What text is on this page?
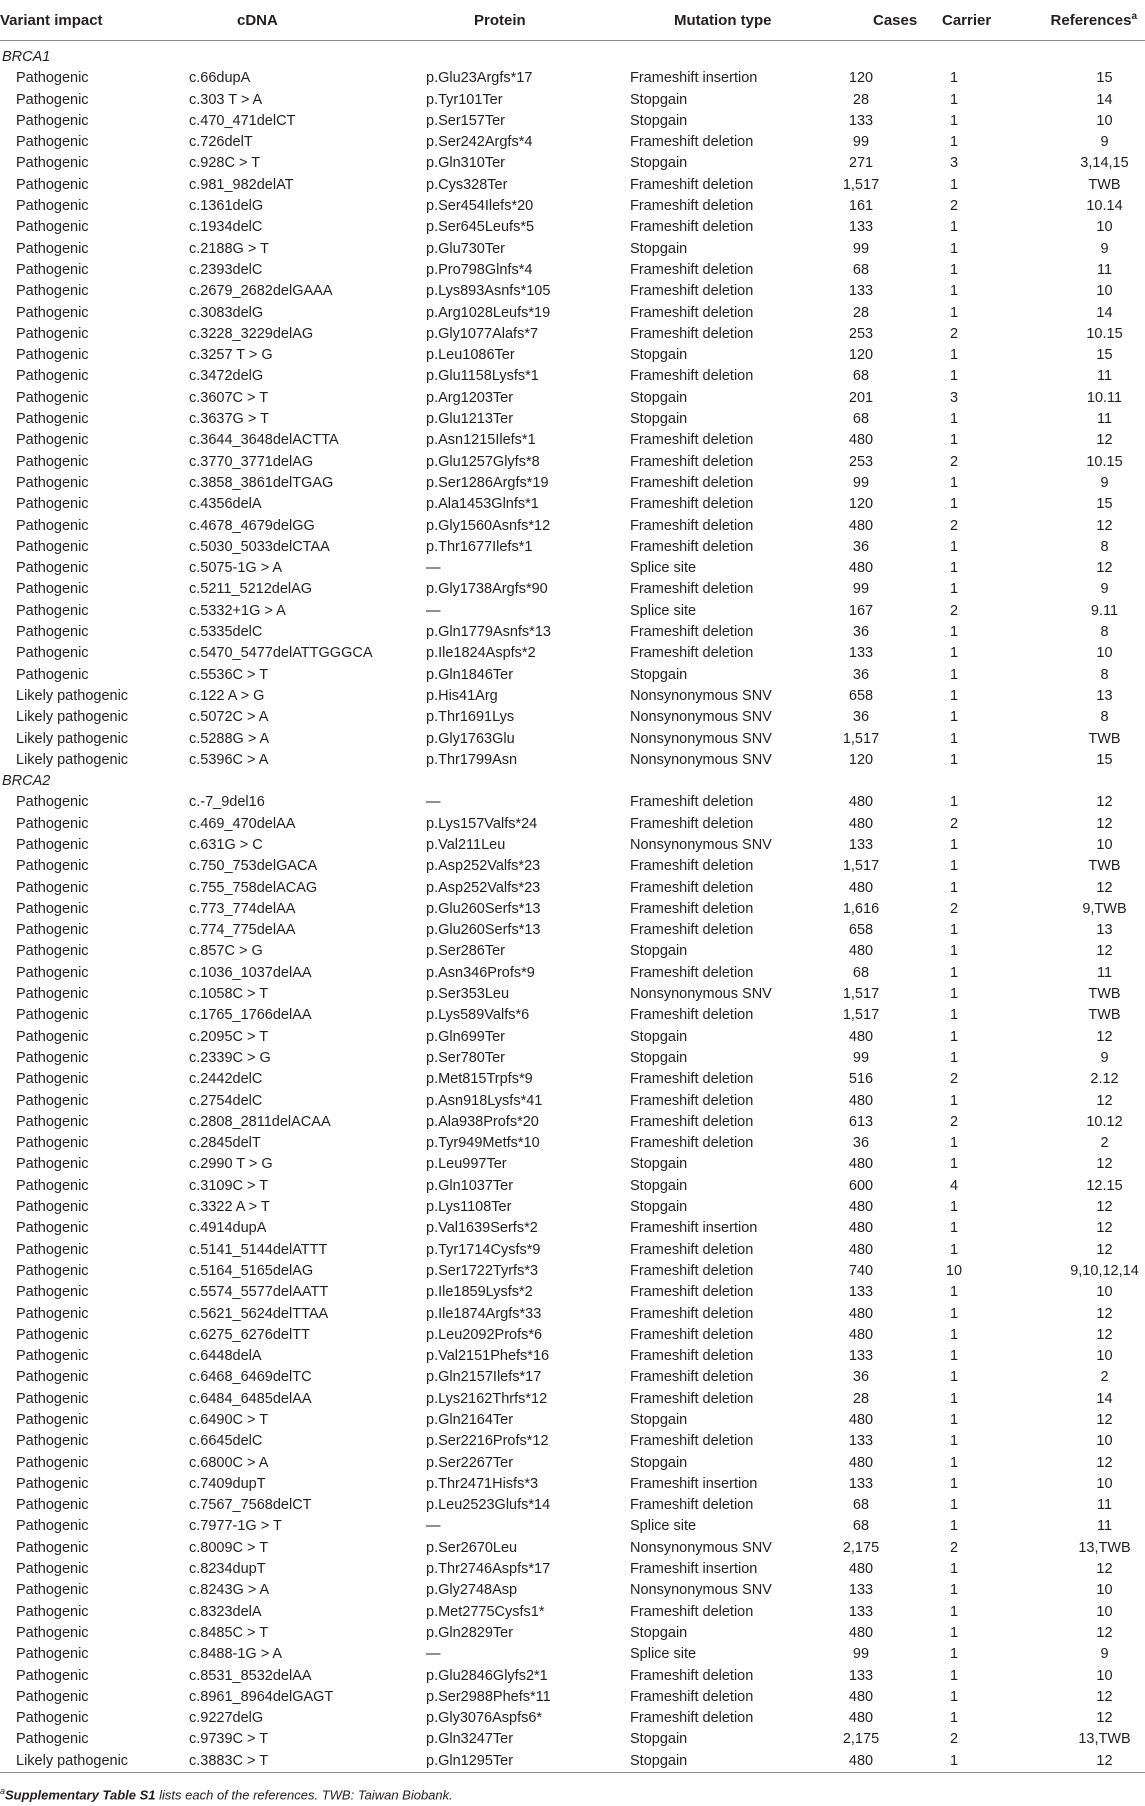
Variant impact	cDNA	Protein	Mutation type	Cases	Carrier	References$^a$
BRCA1						
Pathogenic	c.66dupA	p.Glu23Argfs*17	Frameshift insertion	120	1	15
Pathogenic	c.303 T > A	p.Tyr101Ter	Stopgain	28	1	14
Pathogenic	c.470_471delCT	p.Ser157Ter	Stopgain	133	1	10
Pathogenic	c.726delT	p.Ser242Argfs*4	Frameshift deletion	99	1	9
Pathogenic	c.928C > T	p.Gln310Ter	Stopgain	271	3	3,14,15
Pathogenic	c.981_982delAT	p.Cys328Ter	Frameshift deletion	1,517	1	TWB
Pathogenic	c.1361delG	p.Ser454Ilefs*20	Frameshift deletion	161	2	10.14
Pathogenic	c.1934delC	p.Ser645Leufs*5	Frameshift deletion	133	1	10
Pathogenic	c.2188G > T	p.Glu730Ter	Stopgain	99	1	9
Pathogenic	c.2393delC	p.Pro798Glnfs*4	Frameshift deletion	68	1	11
Pathogenic	c.2679_2682delGAAA	p.Lys893Asnfs*105	Frameshift deletion	133	1	10
Pathogenic	c.3083delG	p.Arg1028Leufs*19	Frameshift deletion	28	1	14
Pathogenic	c.3228_3229delAG	p.Gly1077Alafs*7	Frameshift deletion	253	2	10.15
Pathogenic	c.3257 T > G	p.Leu1086Ter	Stopgain	120	1	15
Pathogenic	c.3472delG	p.Glu1158Lysfs*1	Frameshift deletion	68	1	11
Pathogenic	c.3607C > T	p.Arg1203Ter	Stopgain	201	3	10.11
Pathogenic	c.3637G > T	p.Glu1213Ter	Stopgain	68	1	11
Pathogenic	c.3644_3648delACTTA	p.Asn1215Ilefs*1	Frameshift deletion	480	1	12
Pathogenic	c.3770_3771delAG	p.Glu1257Glyfs*8	Frameshift deletion	253	2	10.15
Pathogenic	c.3858_3861delTGAG	p.Ser1286Argfs*19	Frameshift deletion	99	1	9
Pathogenic	c.4356delA	p.Ala1453Glnfs*1	Frameshift deletion	120	1	15
Pathogenic	c.4678_4679delGG	p.Gly1560Asnfs*12	Frameshift deletion	480	2	12
Pathogenic	c.5030_5033delCTAA	p.Thr1677Ilefs*1	Frameshift deletion	36	1	8
Pathogenic	c.5075-1G > A	—	Splice site	480	1	12
Pathogenic	c.5211_5212delAG	p.Gly1738Argfs*90	Frameshift deletion	99	1	9
Pathogenic	c.5332+1G > A	—	Splice site	167	2	9.11
Pathogenic	c.5335delC	p.Gln1779Asnfs*13	Frameshift deletion	36	1	8
Pathogenic	c.5470_5477delATTGGGCA	p.Ile1824Aspfs*2	Frameshift deletion	133	1	10
Pathogenic	c.5536C > T	p.Gln1846Ter	Stopgain	36	1	8
Likely pathogenic	c.122 A > G	p.His41Arg	Nonsynonymous SNV	658	1	13
Likely pathogenic	c.5072C > A	p.Thr1691Lys	Nonsynonymous SNV	36	1	8
Likely pathogenic	c.5288G > A	p.Gly1763Glu	Nonsynonymous SNV	1,517	1	TWB
Likely pathogenic	c.5396C > A	p.Thr1799Asn	Nonsynonymous SNV	120	1	15
BRCA2						
Pathogenic	c.-7_9del16	—	Frameshift deletion	480	1	12
Pathogenic	c.469_470delAA	p.Lys157Valfs*24	Frameshift deletion	480	2	12
Pathogenic	c.631G > C	p.Val211Leu	Nonsynonymous SNV	133	1	10
Pathogenic	c.750_753delGACA	p.Asp252Valfs*23	Frameshift deletion	1,517	1	TWB
Pathogenic	c.755_758delACAG	p.Asp252Valfs*23	Frameshift deletion	480	1	12
Pathogenic	c.773_774delAA	p.Glu260Serfs*13	Frameshift deletion	1,616	2	9,TWB
Pathogenic	c.774_775delAA	p.Glu260Serfs*13	Frameshift deletion	658	1	13
Pathogenic	c.857C > G	p.Ser286Ter	Stopgain	480	1	12
Pathogenic	c.1036_1037delAA	p.Asn346Profs*9	Frameshift deletion	68	1	11
Pathogenic	c.1058C > T	p.Ser353Leu	Nonsynonymous SNV	1,517	1	TWB
Pathogenic	c.1765_1766delAA	p.Lys589Valfs*6	Frameshift deletion	1,517	1	TWB
Pathogenic	c.2095C > T	p.Gln699Ter	Stopgain	480	1	12
Pathogenic	c.2339C > G	p.Ser780Ter	Stopgain	99	1	9
Pathogenic	c.2442delC	p.Met815Trpfs*9	Frameshift deletion	516	2	2.12
Pathogenic	c.2754delC	p.Asn918Lysfs*41	Frameshift deletion	480	1	12
Pathogenic	c.2808_2811delACAA	p.Ala938Profs*20	Frameshift deletion	613	2	10.12
Pathogenic	c.2845delT	p.Tyr949Metfs*10	Frameshift deletion	36	1	2
Pathogenic	c.2990 T > G	p.Leu997Ter	Stopgain	480	1	12
Pathogenic	c.3109C > T	p.Gln1037Ter	Stopgain	600	4	12.15
Pathogenic	c.3322 A > T	p.Lys1108Ter	Stopgain	480	1	12
Pathogenic	c.4914dupA	p.Val1639Serfs*2	Frameshift insertion	480	1	12
Pathogenic	c.5141_5144delATTT	p.Tyr1714Cysfs*9	Frameshift deletion	480	1	12
Pathogenic	c.5164_5165delAG	p.Ser1722Tyrfs*3	Frameshift deletion	740	10	9,10,12,14
Pathogenic	c.5574_5577delAATT	p.Ile1859Lysfs*2	Frameshift deletion	133	1	10
Pathogenic	c.5621_5624delTTAA	p.Ile1874Argfs*33	Frameshift deletion	480	1	12
Pathogenic	c.6275_6276delTT	p.Leu2092Profs*6	Frameshift deletion	480	1	12
Pathogenic	c.6448delA	p.Val2151Phefs*16	Frameshift deletion	133	1	10
Pathogenic	c.6468_6469delTC	p.Gln2157Ilefs*17	Frameshift deletion	36	1	2
Pathogenic	c.6484_6485delAA	p.Lys2162Thrfs*12	Frameshift deletion	28	1	14
Pathogenic	c.6490C > T	p.Gln2164Ter	Stopgain	480	1	12
Pathogenic	c.6645delC	p.Ser2216Profs*12	Frameshift deletion	133	1	10
Pathogenic	c.6800C > A	p.Ser2267Ter	Stopgain	480	1	12
Pathogenic	c.7409dupT	p.Thr2471Hisfs*3	Frameshift insertion	133	1	10
Pathogenic	c.7567_7568delCT	p.Leu2523Glufs*14	Frameshift deletion	68	1	11
Pathogenic	c.7977-1G > T	—	Splice site	68	1	11
Pathogenic	c.8009C > T	p.Ser2670Leu	Nonsynonymous SNV	2,175	2	13,TWB
Pathogenic	c.8234dupT	p.Thr2746Aspfs*17	Frameshift insertion	480	1	12
Pathogenic	c.8243G > A	p.Gly2748Asp	Nonsynonymous SNV	133	1	10
Pathogenic	c.8323delA	p.Met2775Cysfs1*	Frameshift deletion	133	1	10
Pathogenic	c.8485C > T	p.Gln2829Ter	Stopgain	480	1	12
Pathogenic	c.8488-1G > A	—	Splice site	99	1	9
Pathogenic	c.8531_8532delAA	p.Glu2846Glyfs2*1	Frameshift deletion	133	1	10
Pathogenic	c.8961_8964delGAGT	p.Ser2988Phefs*11	Frameshift deletion	480	1	12
Pathogenic	c.9227delG	p.Gly3076Aspfs6*	Frameshift deletion	480	1	12
Pathogenic	c.9739C > T	p.Gln3247Ter	Stopgain	2,175	2	13,TWB
Likely pathogenic	c.3883C > T	p.Gln1295Ter	Stopgain	480	1	12
$^a$Supplementary Table S1 lists each of the references. TWB: Taiwan Biobank.
